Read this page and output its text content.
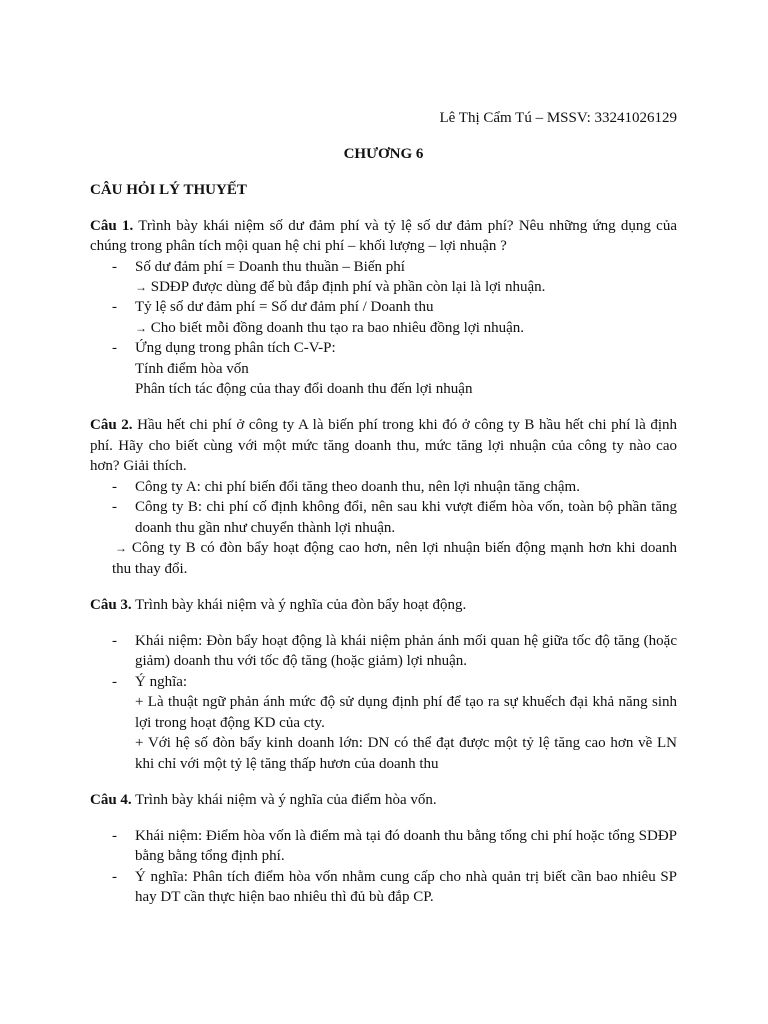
Lê Thị Cẩm Tú – MSSV: 33241026129
CHƯƠNG 6
CÂU HỎI LÝ THUYẾT
Câu 1. Trình bày khái niệm số dư đảm phí và tỷ lệ số dư đảm phí? Nêu những ứng dụng của
chúng trong phân tích mội quan hệ chi phí – khối lượng – lợi nhuận ?
- Số dư đảm phí = Doanh thu thuần – Biến phí
→ SDĐP được dùng để bù đắp định phí và phần còn lại là lợi nhuận.
- Tỷ lệ số dư đảm phí = Số dư đảm phí / Doanh thu
→ Cho biết mỗi đồng doanh thu tạo ra bao nhiêu đồng lợi nhuận.
- Ứng dụng trong phân tích C-V-P:
Tính điểm hòa vốn
Phân tích tác động của thay đổi doanh thu đến lợi nhuận
Câu 2. Hầu hết chi phí ở công ty A là biến phí trong khi đó ở công ty B hầu hết chi phí là định
phí. Hãy cho biết cùng với một mức tăng doanh thu, mức tăng lợi nhuận của công ty nào cao
hơn? Giải thích.
- Công ty A: chi phí biến đổi tăng theo doanh thu, nên lợi nhuận tăng chậm.
- Công ty B: chi phí cố định không đổi, nên sau khi vượt điểm hòa vốn, toàn bộ phần tăng
doanh thu gần như chuyển thành lợi nhuận.
→ Công ty B có đòn bẩy hoạt động cao hơn, nên lợi nhuận biến động mạnh hơn khi doanh
thu thay đổi.
Câu 3. Trình bày khái niệm và ý nghĩa của đòn bẩy hoạt động.
- Khái niệm: Đòn bẩy hoạt động là khái niệm phản ánh mối quan hệ giữa tốc độ tăng (hoặc
giảm) doanh thu với tốc độ tăng (hoặc giảm) lợi nhuận.
- Ý nghĩa:
+ Là thuật ngữ phản ánh mức độ sử dụng định phí để tạo ra sự khuếch đại khả năng sinh
lợi trong hoạt động KD của cty.
+ Với hệ số đòn bẩy kinh doanh lớn: DN có thể đạt được một tỷ lệ tăng cao hơn về LN
khi chỉ với một tỷ lệ tăng thấp hươn của doanh thu
Câu 4. Trình bày khái niệm và ý nghĩa của điểm hòa vốn.
- Khái niệm: Điểm hòa vốn là điểm mà tại đó doanh thu bằng tổng chi phí hoặc tổng SDĐP
bằng bằng tổng định phí.
- Ý nghĩa: Phân tích điểm hòa vốn nhằm cung cấp cho nhà quản trị biết cần bao nhiêu SP
hay DT cần thực hiện bao nhiêu thì đủ bù đắp CP.
